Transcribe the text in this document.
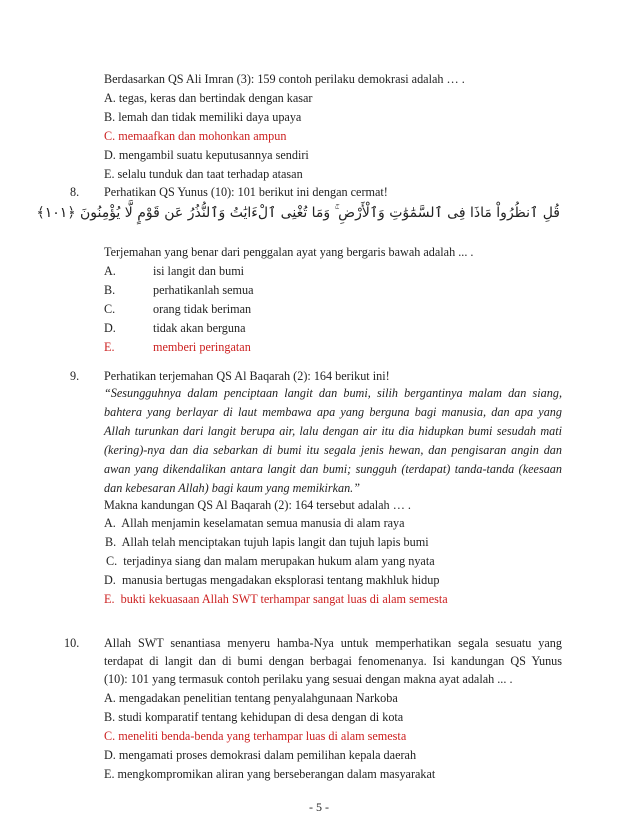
Berdasarkan QS Ali Imran (3): 159 contoh perilaku demokrasi adalah … .
A. tegas, keras dan bertindak dengan kasar
B. lemah dan tidak memiliki daya upaya
C. memaafkan dan mohonkan ampun
D. mengambil suatu keputusannya sendiri
E. selalu tunduk dan taat terhadap atasan
8. Perhatikan QS Yunus (10): 101 berikut ini dengan cermat!
قُلِ ٱنظُرُواْ مَاذَا فِى ٱلسَّمَٰوَٰتِ وَٱلْأَرْضِ ۚ وَمَا تُغْنِى ٱلْءَايَٰتُ وَٱلنُّذُرُ عَن قَوْمٍ لَّا يُؤْمِنُونَ ﴿١٠١﴾
Terjemahan yang benar dari penggalan ayat yang bergaris bawah adalah ... .
A.	isi langit dan bumi
B.	perhatikanlah semua
C.	orang tidak beriman
D.	tidak akan berguna
E.	memberi peringatan
9. Perhatikan terjemahan QS Al Baqarah (2): 164 berikut ini!
“Sesungguhnya dalam penciptaan langit dan bumi, silih bergantinya malam dan siang,
bahtera yang berlayar di laut membawa apa yang berguna bagi manusia, dan apa yang
Allah turunkan dari langit berupa air, lalu dengan air itu dia hidupkan bumi sesudah mati
(kering)-nya dan dia sebarkan di bumi itu segala jenis hewan, dan pengisaran angin dan
awan yang dikendalikan antara langit dan bumi; sungguh (terdapat) tanda-tanda (keesaan
dan kebesaran Allah) bagi kaum yang memikirkan.”
Makna kandungan QS Al Baqarah (2): 164 tersebut adalah … .
A. Allah menjamin keselamatan semua manusia di alam raya
B. Allah telah menciptakan tujuh lapis langit dan tujuh lapis bumi
C. terjadinya siang dan malam merupakan hukum alam yang nyata
D. manusia bertugas mengadakan eksplorasi tentang makhluk hidup
E. bukti kekuasaan Allah SWT terhampar sangat luas di alam semesta
10. Allah SWT senantiasa menyeru hamba-Nya untuk memperhatikan segala sesuatu yang
terdapat di langit dan di bumi dengan berbagai fenomenanya. Isi kandungan QS Yunus
(10): 101 yang termasuk contoh perilaku yang sesuai dengan makna ayat adalah ... .
A. mengadakan penelitian tentang penyalahgunaan Narkoba
B. studi komparatif tentang kehidupan di desa dengan di kota
C. meneliti benda-benda yang terhampar luas di alam semesta
D. mengamati proses demokrasi dalam pemilihan kepala daerah
E. mengkompromikan aliran yang berseberangan dalam masyarakat
- 5 -
